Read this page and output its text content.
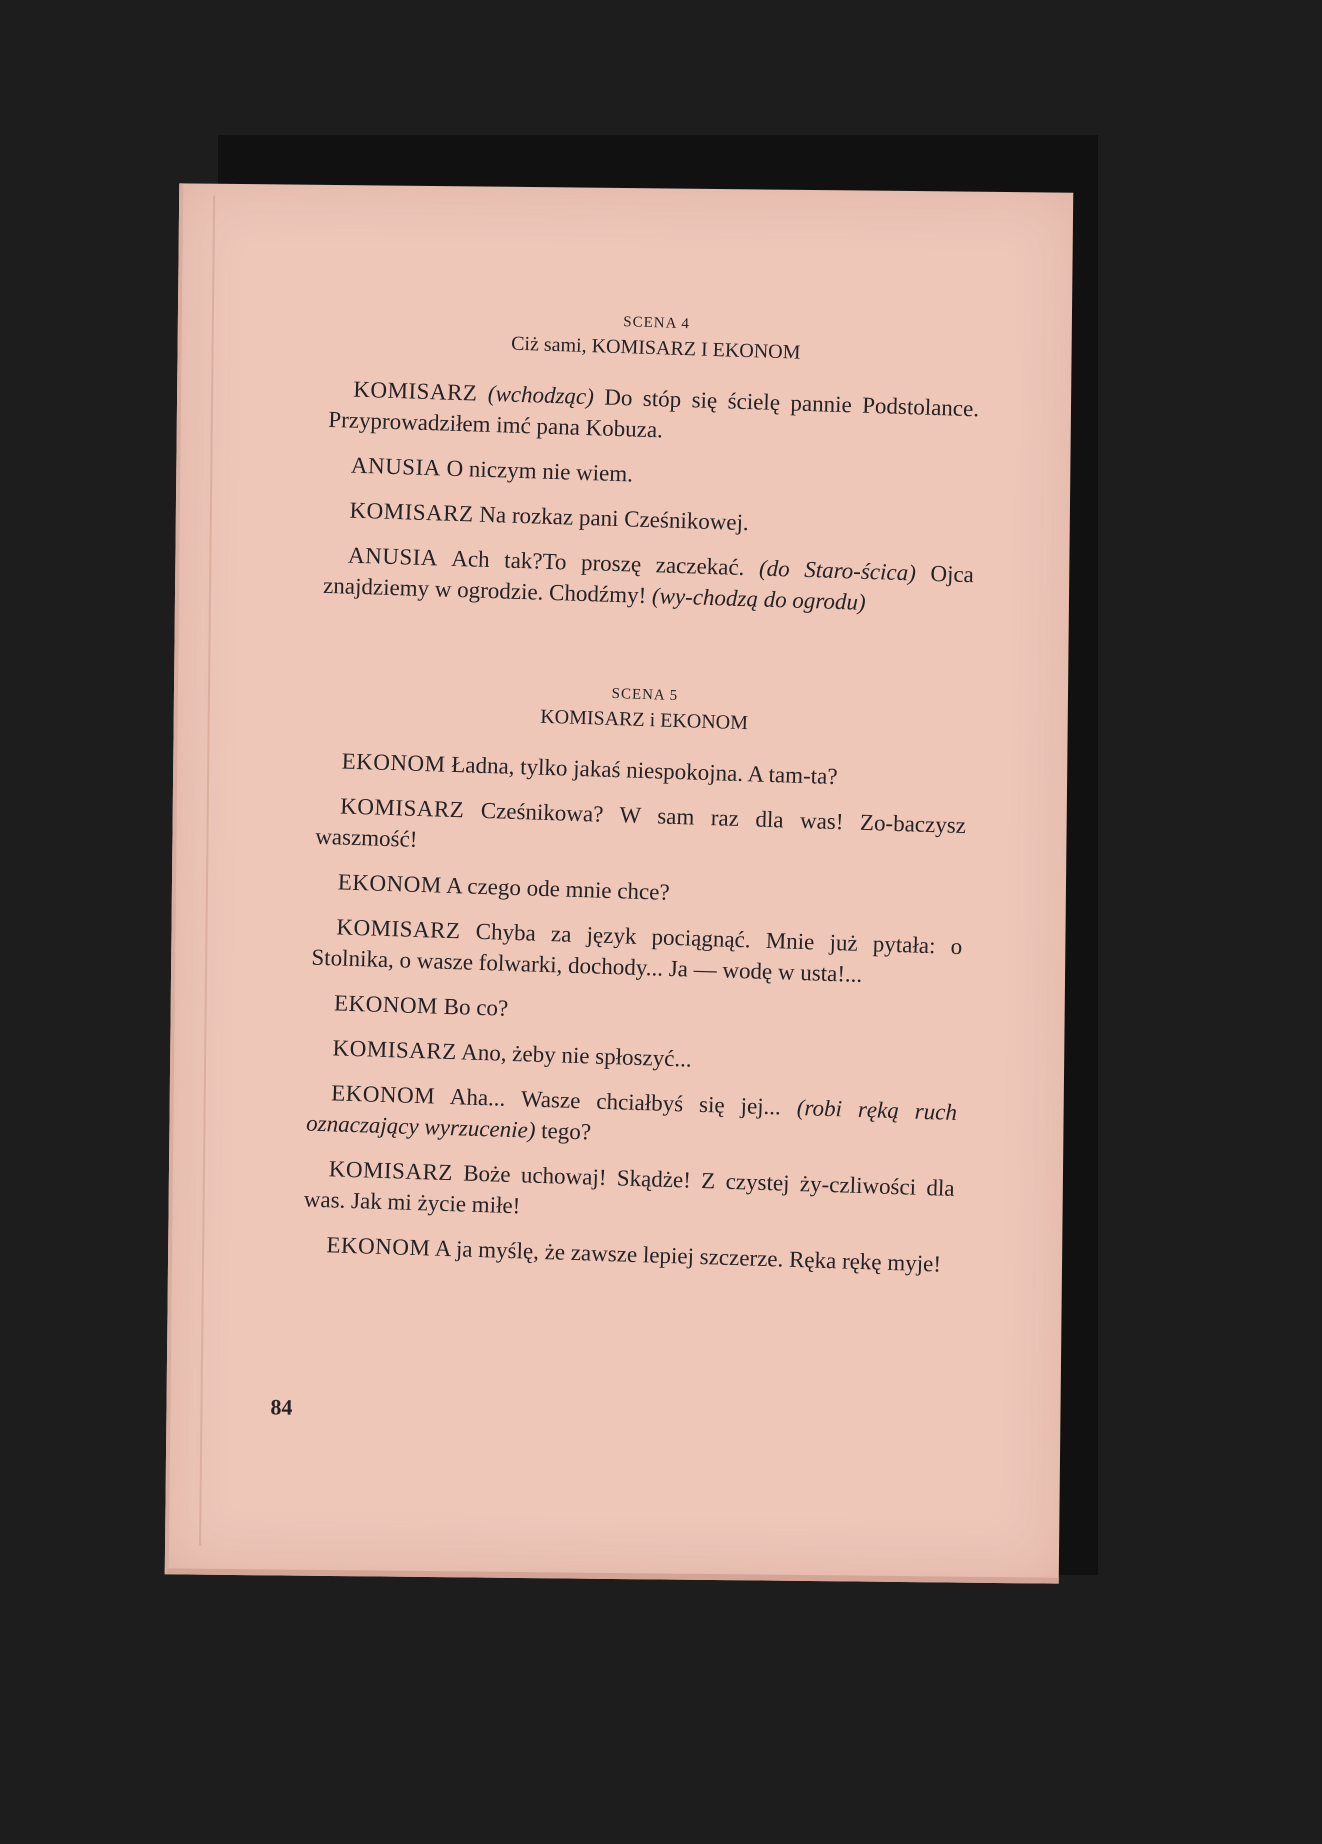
SCENA 4

Ciż sami, KOMISARZ I EKONOM

KOMISARZ (wchodząc) Do stóp się ścielę pannie Podstolance. Przyprowadziłem imć pana Kobuza.

ANUSIA O niczym nie wiem.

KOMISARZ Na rozkaz pani Cześnikowej.

ANUSIA Ach tak?To proszę zaczekać. (do Staro-ścica) Ojca znajdziemy w ogrodzie. Chodźmy! (wy-chodzą do ogrodu)

SCENA 5

KOMISARZ i EKONOM

EKONOM Ładna, tylko jakaś niespokojna. A tam-ta?

KOMISARZ Cześnikowa? W sam raz dla was! Zo-baczysz waszmość!

EKONOM A czego ode mnie chce?

KOMISARZ Chyba za język pociągnąć. Mnie już pytała: o Stolnika, o wasze folwarki, dochody... Ja — wodę w usta!...

EKONOM Bo co?

KOMISARZ Ano, żeby nie spłoszyć...

EKONOM Aha... Wasze chciałbyś się jej... (robi ręką ruch oznaczający wyrzucenie) tego?

KOMISARZ Boże uchowaj! Skądże! Z czystej ży-czliwości dla was. Jak mi życie miłe!

EKONOM A ja myślę, że zawsze lepiej szczerze. Ręka rękę myje!

84
